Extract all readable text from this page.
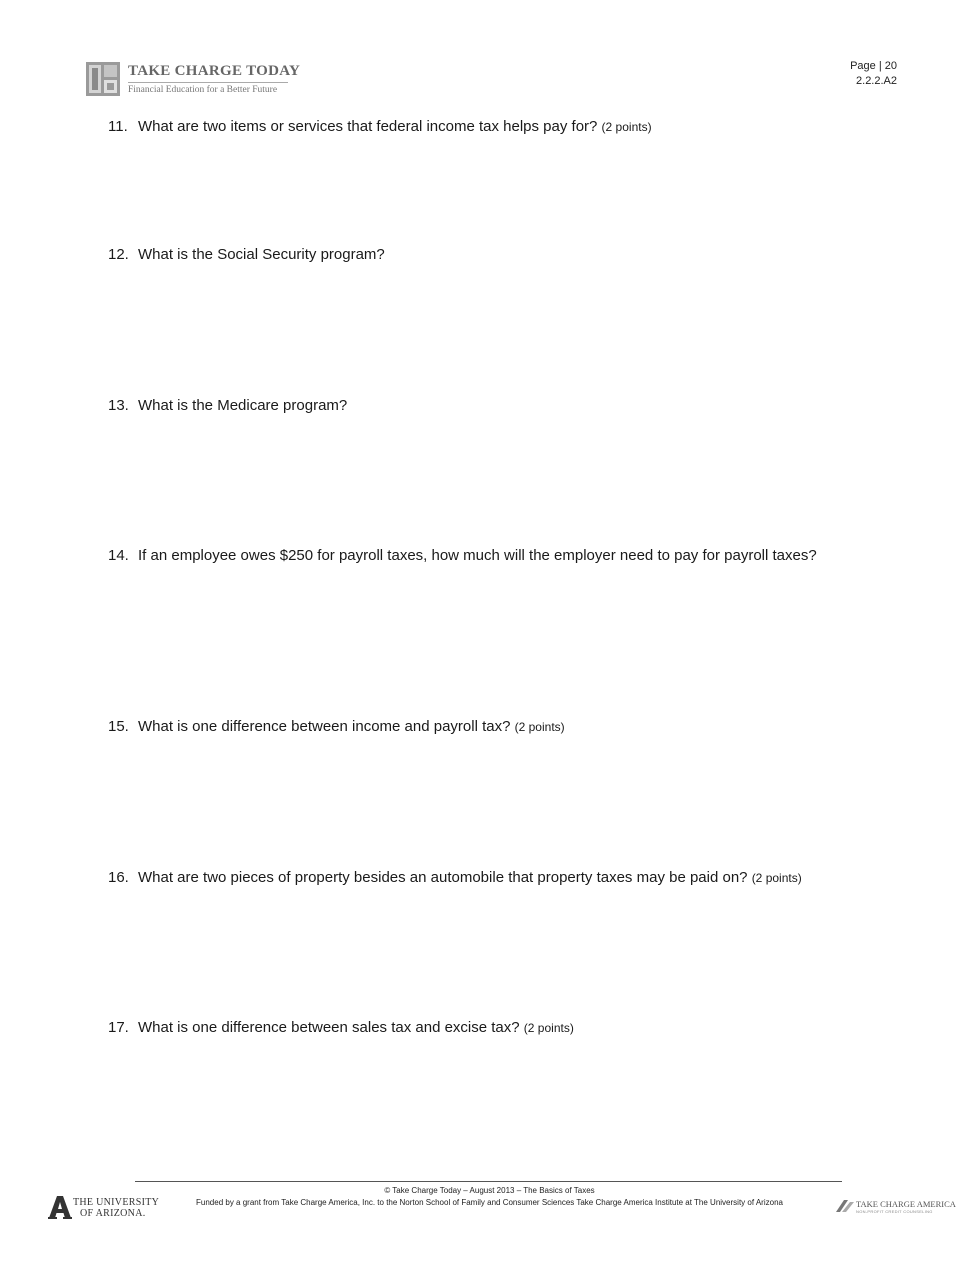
TAKE CHARGE TODAY
Financial Education for a Better Future
Page | 20
2.2.2.A2
11. What are two items or services that federal income tax helps pay for? (2 points)
12. What is the Social Security program?
13. What is the Medicare program?
14. If an employee owes $250 for payroll taxes, how much will the employer need to pay for payroll taxes?
15. What is one difference between income and payroll tax? (2 points)
16. What are two pieces of property besides an automobile that property taxes may be paid on? (2 points)
17. What is one difference between sales tax and excise tax? (2 points)
© Take Charge Today – August 2013 – The Basics of Taxes
Funded by a grant from Take Charge America, Inc. to the Norton School of Family and Consumer Sciences Take Charge America Institute at The University of Arizona
THE UNIVERSITY
OF ARIZONA.
TAKE CHARGE AMERICA
NON-PROFIT CREDIT COUNSELING
